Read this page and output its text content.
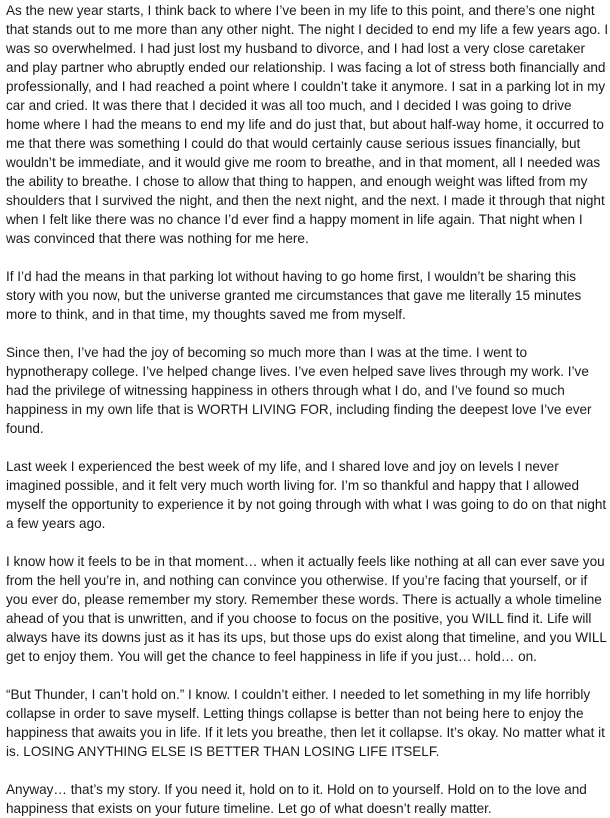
As the new year starts, I think back to where I’ve been in my life to this point, and there’s one night that stands out to me more than any other night. The night I decided to end my life a few years ago. I was so overwhelmed. I had just lost my husband to divorce, and I had lost a very close caretaker and play partner who abruptly ended our relationship. I was facing a lot of stress both financially and professionally, and I had reached a point where I couldn’t take it anymore. I sat in a parking lot in my car and cried. It was there that I decided it was all too much, and I decided I was going to drive home where I had the means to end my life and do just that, but about half-way home, it occurred to me that there was something I could do that would certainly cause serious issues financially, but wouldn’t be immediate, and it would give me room to breathe, and in that moment, all I needed was the ability to breathe. I chose to allow that thing to happen, and enough weight was lifted from my shoulders that I survived the night, and then the next night, and the next. I made it through that night when I felt like there was no chance I’d ever find a happy moment in life again. That night when I was convinced that there was nothing for me here.

If I’d had the means in that parking lot without having to go home first, I wouldn’t be sharing this story with you now, but the universe granted me circumstances that gave me literally 15 minutes more to think, and in that time, my thoughts saved me from myself.

Since then, I’ve had the joy of becoming so much more than I was at the time. I went to hypnotherapy college. I’ve helped change lives. I’ve even helped save lives through my work. I’ve had the privilege of witnessing happiness in others through what I do, and I’ve found so much happiness in my own life that is WORTH LIVING FOR, including finding the deepest love I’ve ever found.

Last week I experienced the best week of my life, and I shared love and joy on levels I never imagined possible, and it felt very much worth living for. I’m so thankful and happy that I allowed myself the opportunity to experience it by not going through with what I was going to do on that night a few years ago.

I know how it feels to be in that moment… when it actually feels like nothing at all can ever save you from the hell you’re in, and nothing can convince you otherwise. If you’re facing that yourself, or if you ever do, please remember my story. Remember these words. There is actually a whole timeline ahead of you that is unwritten, and if you choose to focus on the positive, you WILL find it. Life will always have its downs just as it has its ups, but those ups do exist along that timeline, and you WILL get to enjoy them. You will get the chance to feel happiness in life if you just… hold… on.

“But Thunder, I can’t hold on.” I know. I couldn’t either. I needed to let something in my life horribly collapse in order to save myself. Letting things collapse is better than not being here to enjoy the happiness that awaits you in life. If it lets you breathe, then let it collapse. It’s okay. No matter what it is. LOSING ANYTHING ELSE IS BETTER THAN LOSING LIFE ITSELF.

Anyway… that’s my story. If you need it, hold on to it. Hold on to yourself. Hold on to the love and happiness that exists on your future timeline. Let go of what doesn’t really matter.
